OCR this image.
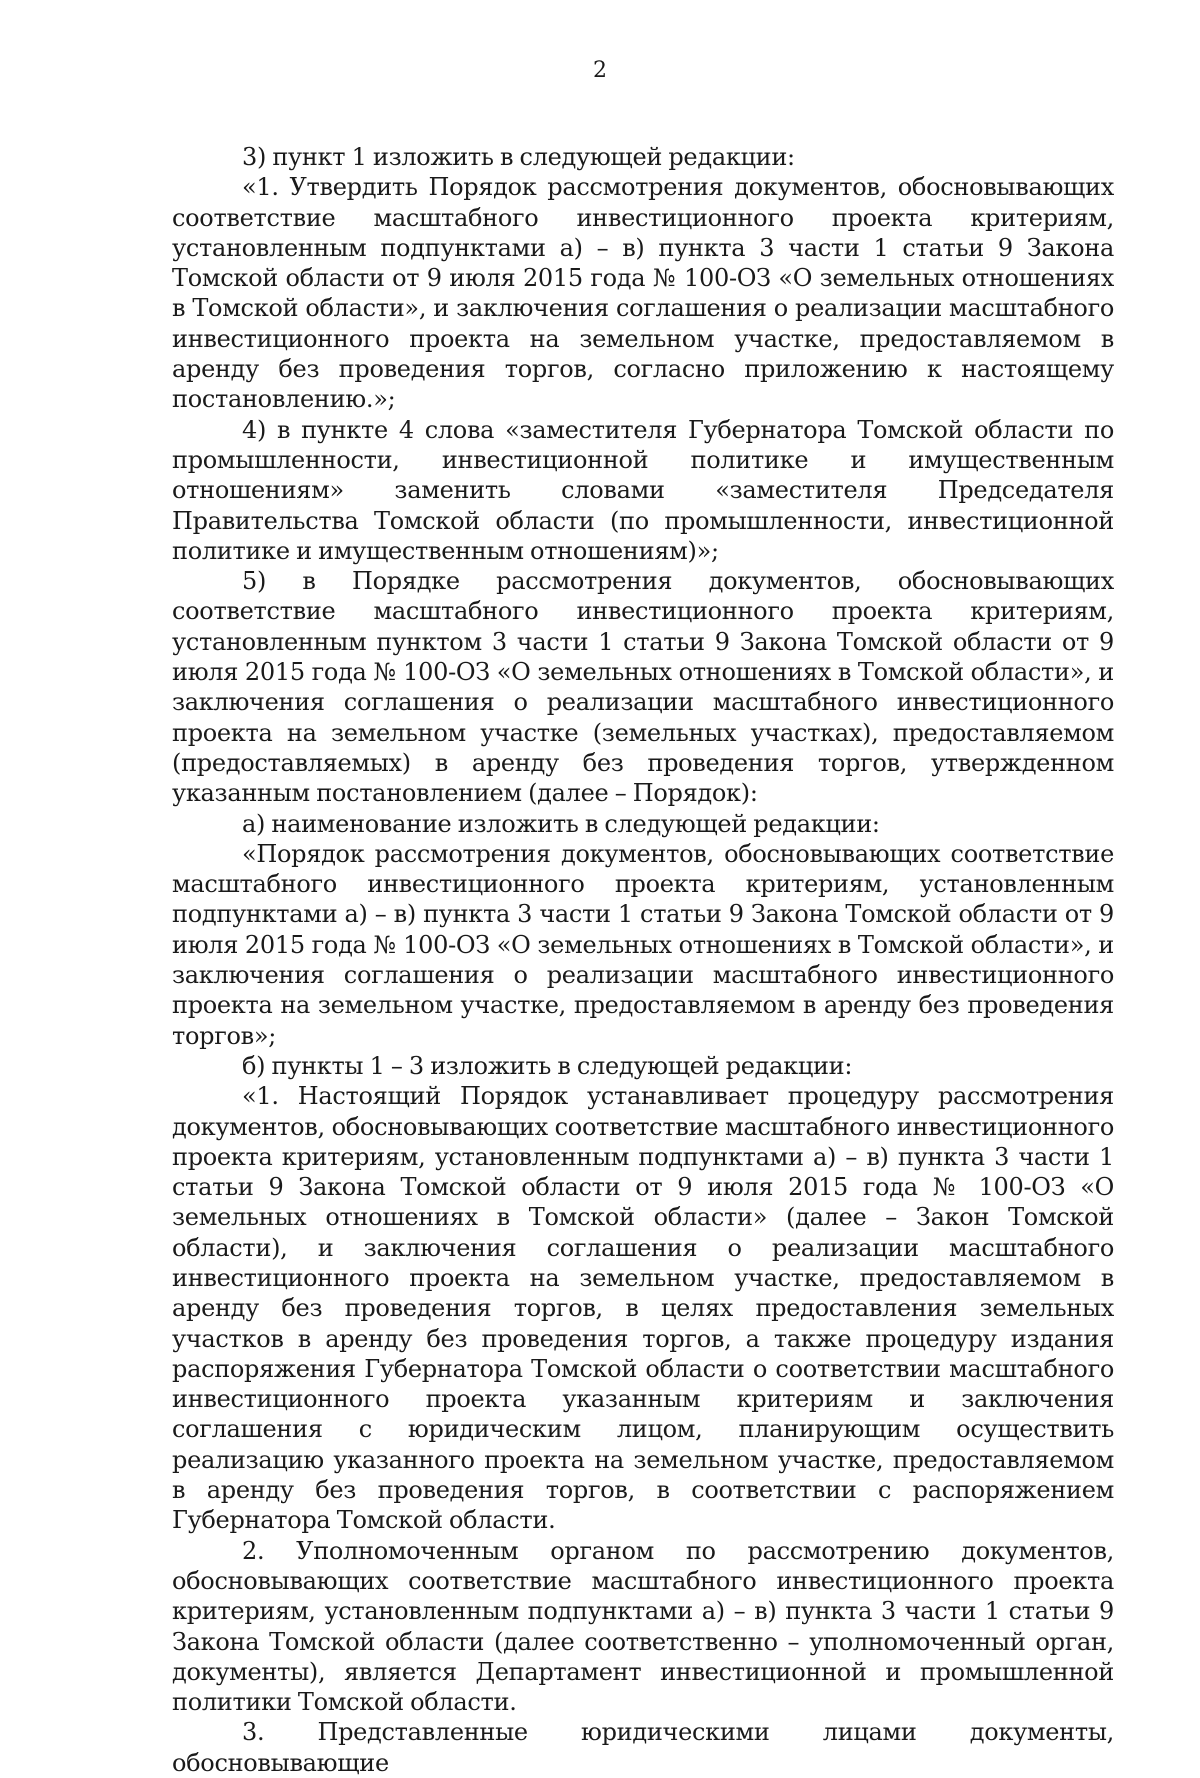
2

3) пункт 1 изложить в следующей редакции:

«1. Утвердить Порядок рассмотрения документов, обосновывающих соответствие масштабного инвестиционного проекта критериям, установленным подпунктами а) – в) пункта 3 части 1 статьи 9 Закона Томской области от 9 июля 2015 года № 100-ОЗ «О земельных отношениях в Томской области», и заключения соглашения о реализации масштабного инвестиционного проекта на земельном участке, предоставляемом в аренду без проведения торгов, согласно приложению к настоящему постановлению.»;

4) в пункте 4 слова «заместителя Губернатора Томской области по промышленности, инвестиционной политике и имущественным отношениям» заменить словами «заместителя Председателя Правительства Томской области (по промышленности, инвестиционной политике и имущественным отношениям)»;

5) в Порядке рассмотрения документов, обосновывающих соответствие масштабного инвестиционного проекта критериям, установленным пунктом 3 части 1 статьи 9 Закона Томской области от 9 июля 2015 года № 100-ОЗ «О земельных отношениях в Томской области», и заключения соглашения о реализации масштабного инвестиционного проекта на земельном участке (земельных участках), предоставляемом (предоставляемых) в аренду без проведения торгов, утвержденном указанным постановлением (далее – Порядок):

а) наименование изложить в следующей редакции:

«Порядок рассмотрения документов, обосновывающих соответствие масштабного инвестиционного проекта критериям, установленным подпунктами а) – в) пункта 3 части 1 статьи 9 Закона Томской области от 9 июля 2015 года № 100-ОЗ «О земельных отношениях в Томской области», и заключения соглашения о реализации масштабного инвестиционного проекта на земельном участке, предоставляемом в аренду без проведения торгов»;

б) пункты 1 – 3 изложить в следующей редакции:

«1. Настоящий Порядок устанавливает процедуру рассмотрения документов, обосновывающих соответствие масштабного инвестиционного проекта критериям, установленным подпунктами а) – в) пункта 3 части 1 статьи 9 Закона Томской области от 9 июля 2015 года № 100-ОЗ «О земельных отношениях в Томской области» (далее – Закон Томской области), и заключения соглашения о реализации масштабного инвестиционного проекта на земельном участке, предоставляемом в аренду без проведения торгов, в целях предоставления земельных участков в аренду без проведения торгов, а также процедуру издания распоряжения Губернатора Томской области о соответствии масштабного инвестиционного проекта указанным критериям и заключения соглашения с юридическим лицом, планирующим осуществить реализацию указанного проекта на земельном участке, предоставляемом в аренду без проведения торгов, в соответствии с распоряжением Губернатора Томской области.

2. Уполномоченным органом по рассмотрению документов, обосновывающих соответствие масштабного инвестиционного проекта критериям, установленным подпунктами а) – в) пункта 3 части 1 статьи 9 Закона Томской области (далее соответственно – уполномоченный орган, документы), является Департамент инвестиционной и промышленной политики Томской области.

3. Представленные юридическими лицами документы, обосновывающие
